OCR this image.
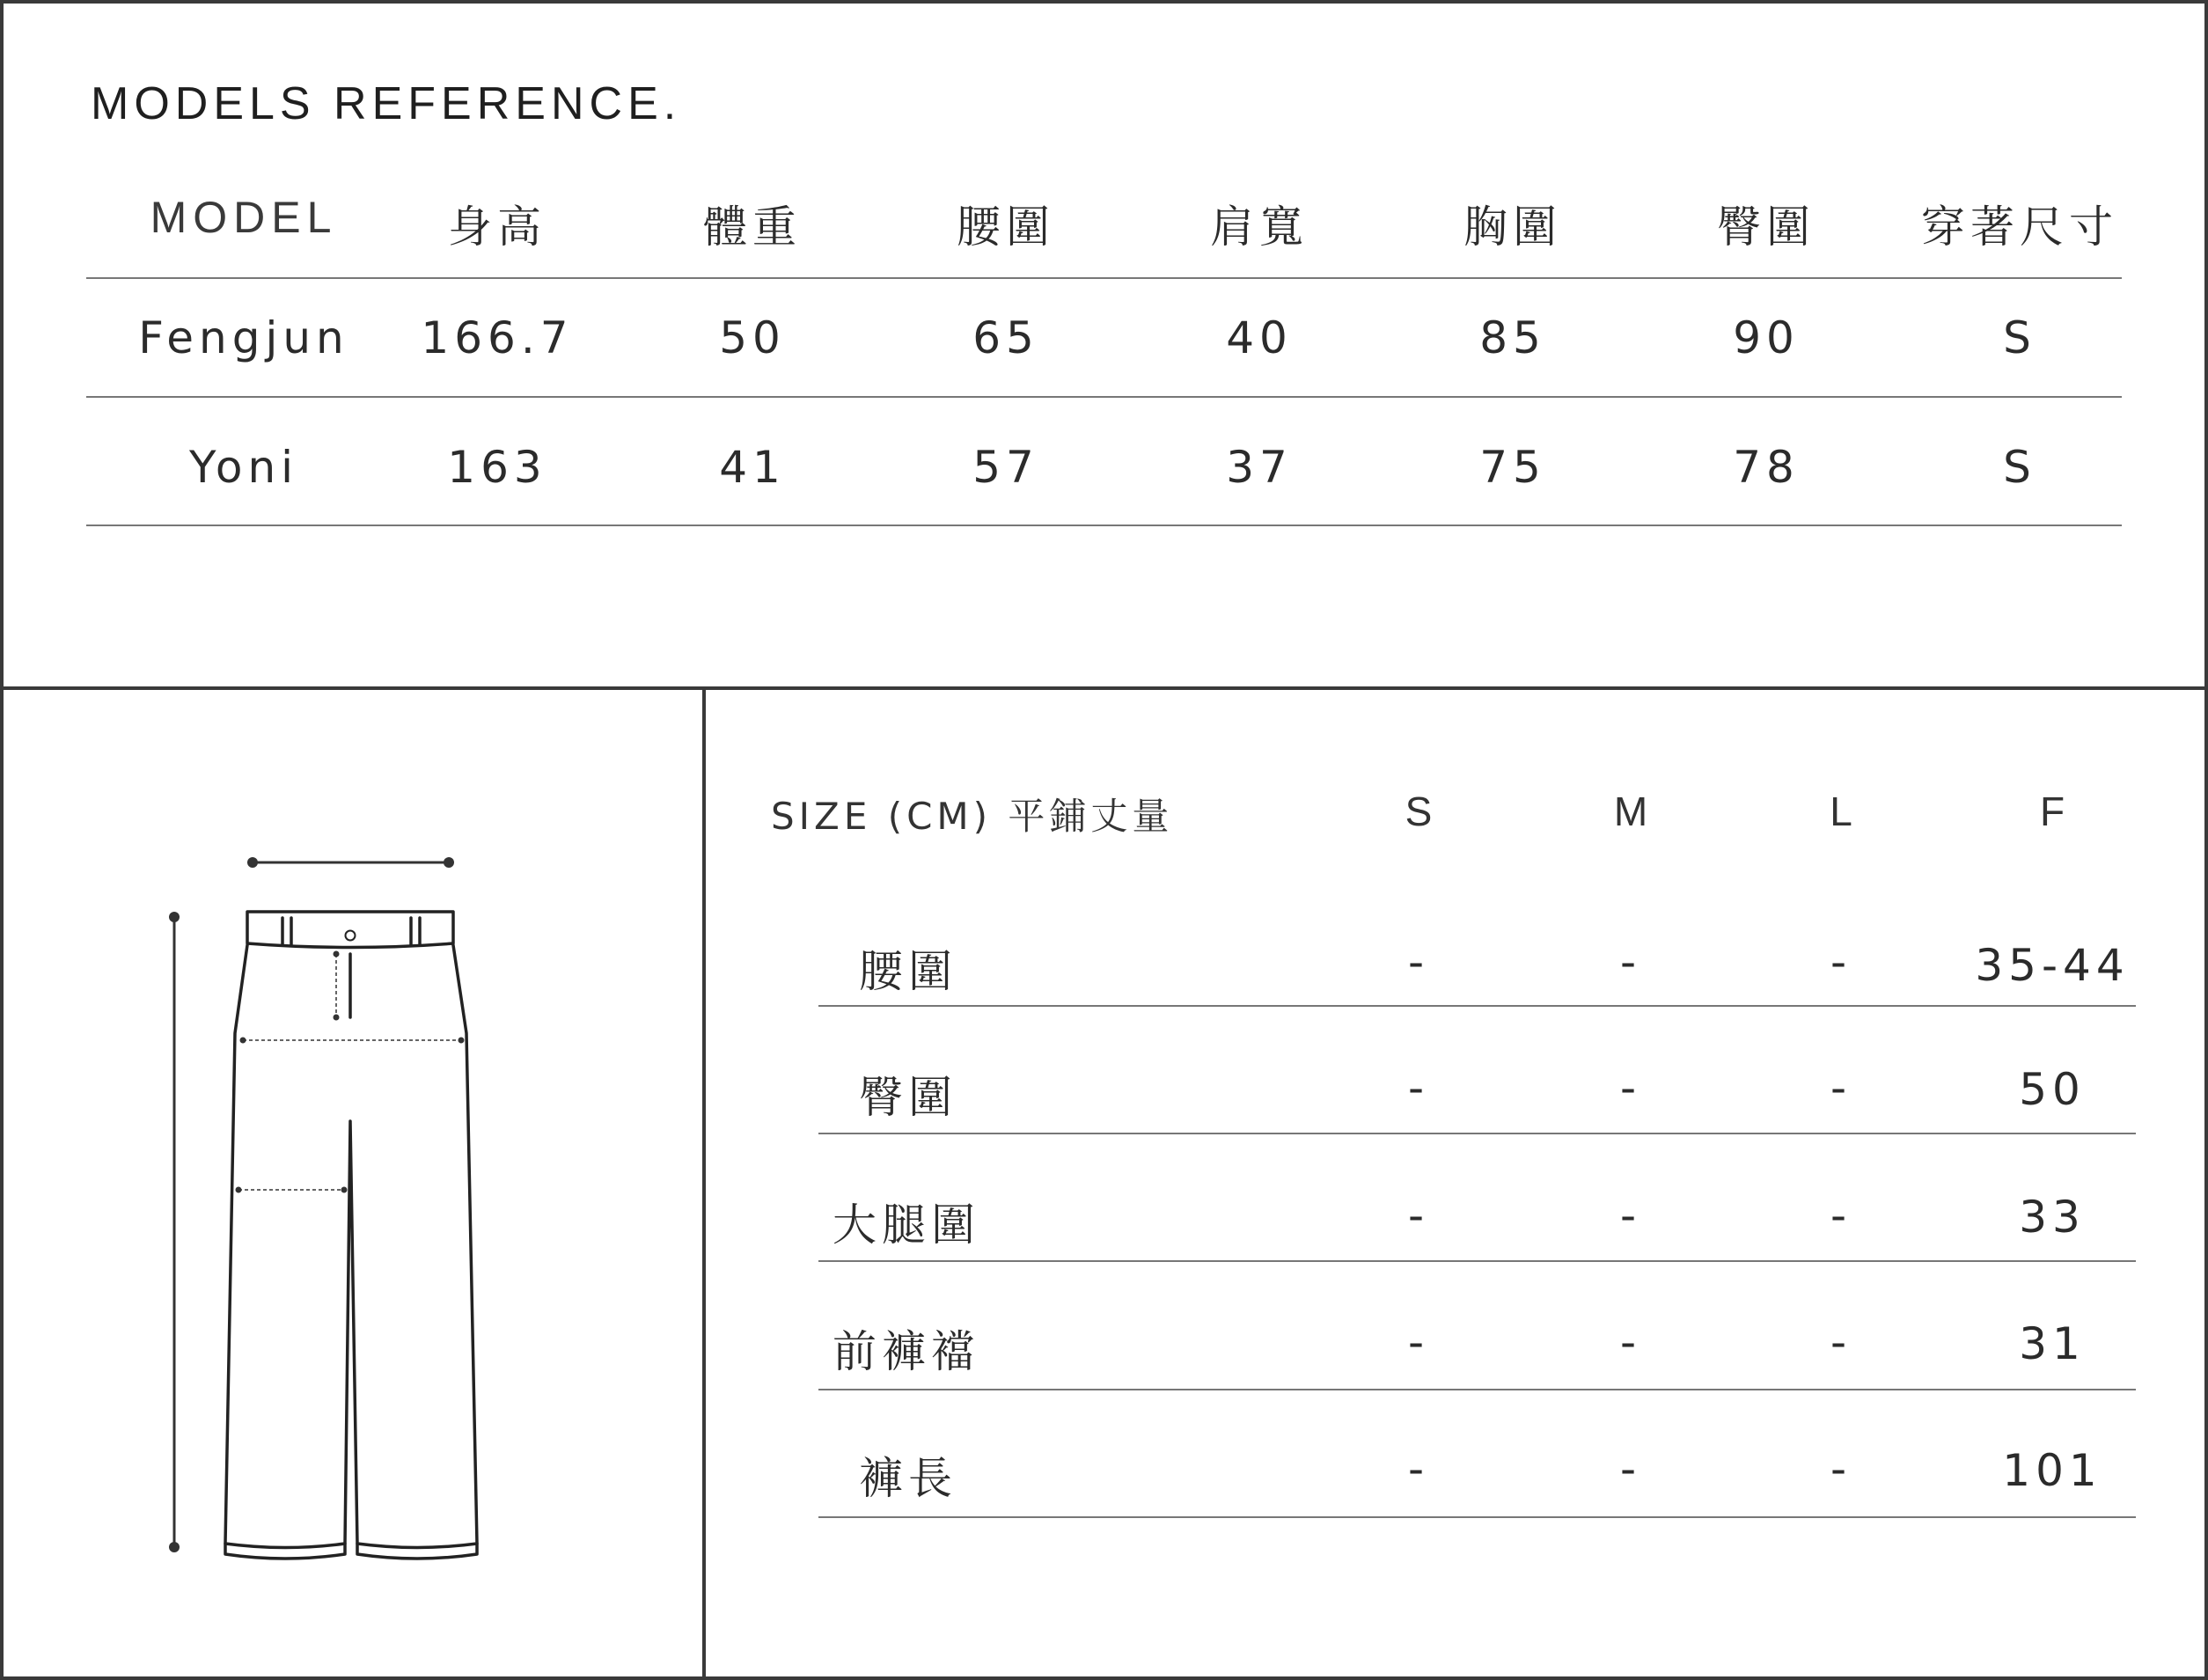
MODELS REFERENCE.
MODEL	身高	體重	腰圍	肩寬	胸圍	臀圍	穿著尺寸
Fengjun	166.7	50	65	40	85	90	S
Yoni	163	41	57	37	75	78	S
SIZE (CM) 平鋪丈量	S	M	L	F
腰圍	-	-	-	35-44
臀圍	-	-	-	50
大腿圍	-	-	-	33
前褲襠	-	-	-	31
褲長	-	-	-	101
